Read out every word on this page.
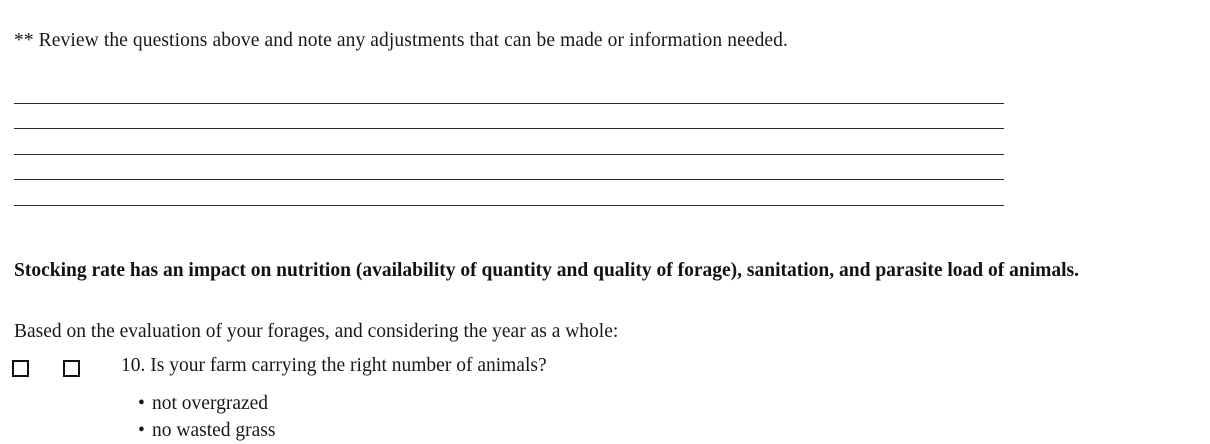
** Review the questions above and note any adjustments that can be made or information needed.
Stocking rate has an impact on nutrition (availability of quantity and quality of forage), sanitation, and parasite load of animals.
Based on the evaluation of your forages, and considering the year as a whole:
10. Is your farm carrying the right number of animals?
• not overgrazed
• no wasted grass
